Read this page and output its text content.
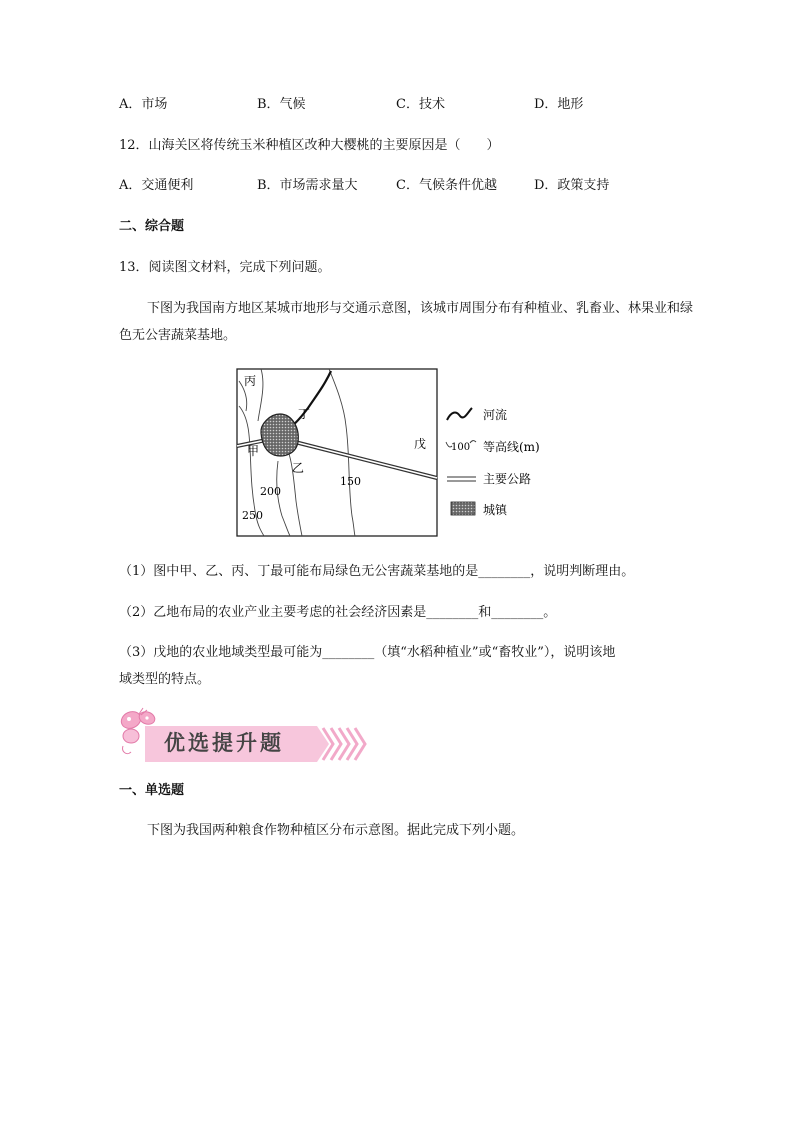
A．市场	B．气候	C．技术	D．地形
12．山海关区将传统玉米种植区改种大樱桃的主要原因是（　　）
A．交通便利	B．市场需求量大	C．气候条件优越	D．政策支持
二、综合题
13．阅读图文材料，完成下列问题。
下图为我国南方地区某城市地形与交通示意图，该城市周围分布有种植业、乳畜业、林果业和绿色无公害蔬菜基地。
丙
丁
甲
乙
戊
200
150
250
河流
100 等高线(m)
主要公路
城镇
（1）图中甲、乙、丙、丁最可能布局绿色无公害蔬菜基地的是________，说明判断理由。
（2）乙地布局的农业产业主要考虑的社会经济因素是________和________。
（3）戊地的农业地域类型最可能为________（填“水稻种植业”或“畜牧业”），说明该地
域类型的特点。
优选提升题
一、单选题
下图为我国两种粮食作物种植区分布示意图。据此完成下列小题。
